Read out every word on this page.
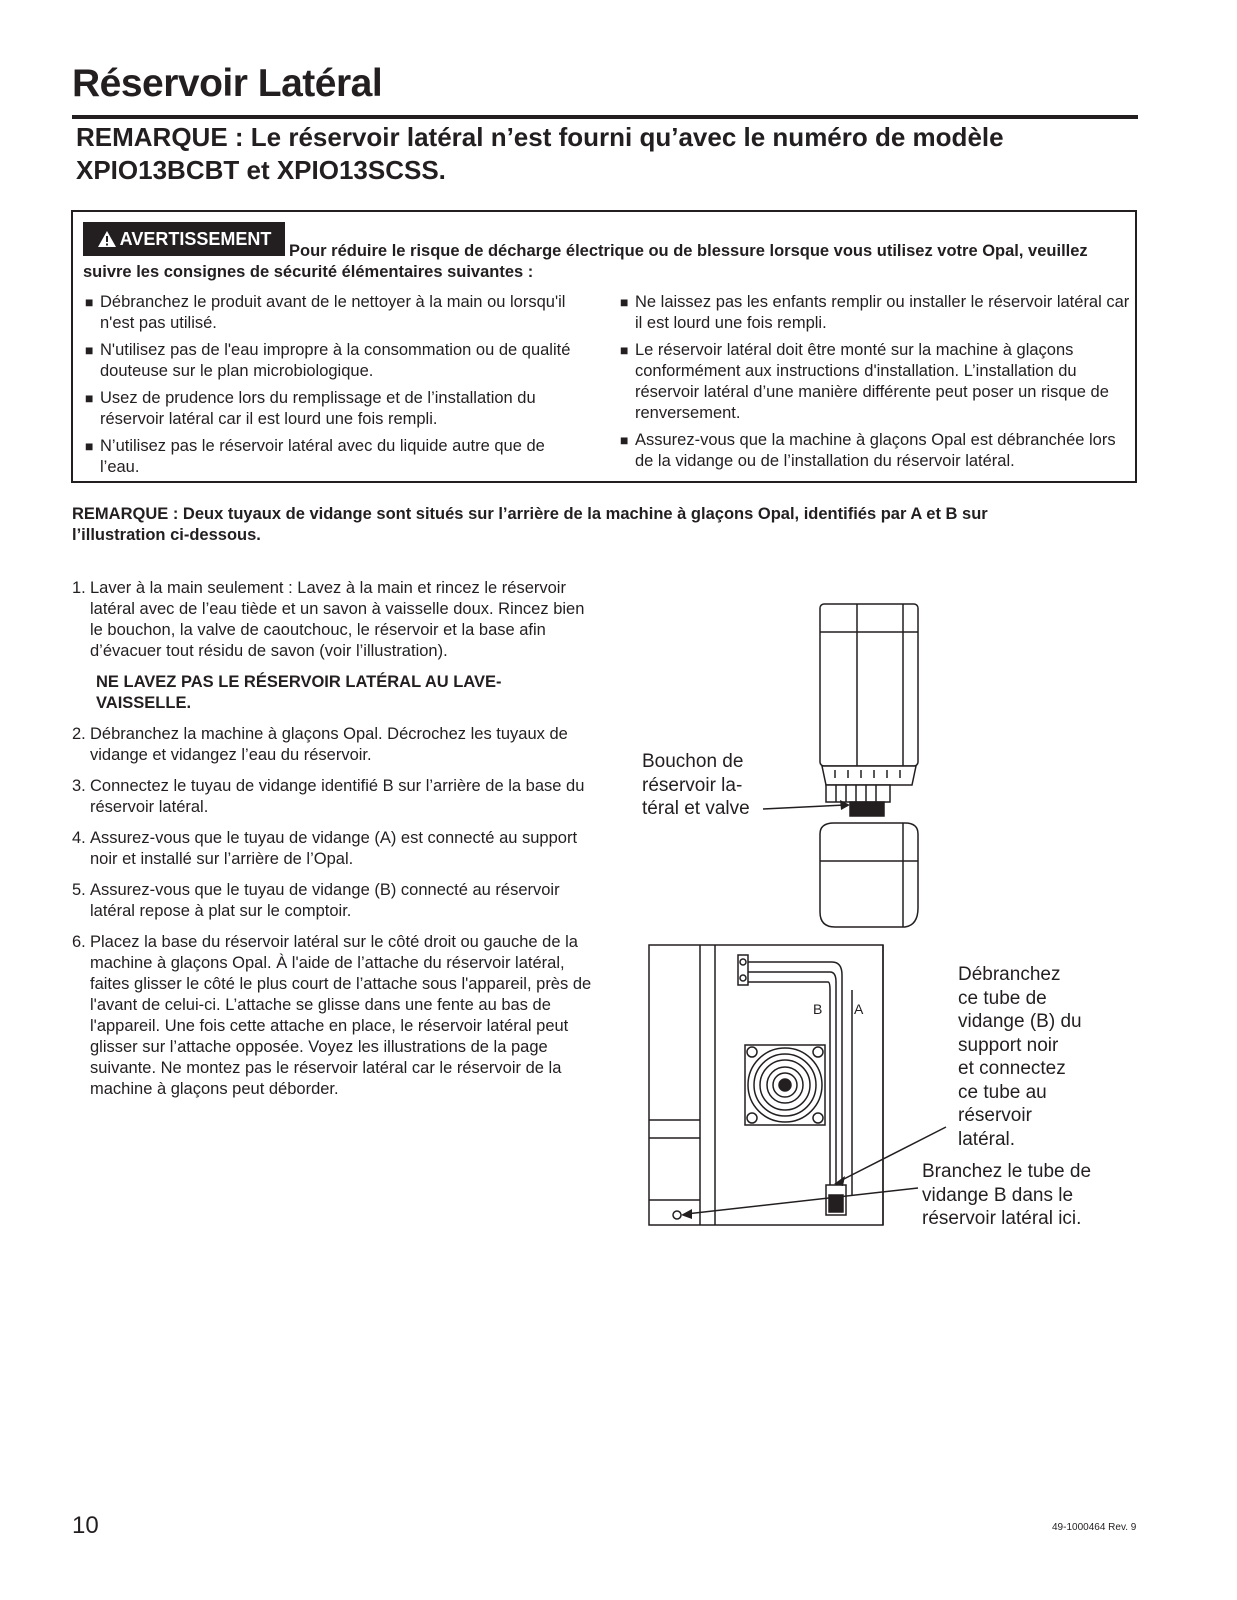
Réservoir Latéral

REMARQUE : Le réservoir latéral n’est fourni qu’avec le numéro de modèle XPIO13BCBT et XPIO13SCSS.

AVERTISSEMENT

Pour réduire le risque de décharge électrique ou de blessure lorsque vous utilisez votre Opal, veuillez suivre les consignes de sécurité élémentaires suivantes :

■ Débranchez le produit avant de le nettoyer à la main ou lorsqu'il n'est pas utilisé.
■ N'utilisez pas de l'eau impropre à la consommation ou de qualité douteuse sur le plan microbiologique.
■ Usez de prudence lors du remplissage et de l’installation du réservoir latéral car il est lourd une fois rempli.
■ N’utilisez pas le réservoir latéral avec du liquide autre que de l’eau.
■ Ne laissez pas les enfants remplir ou installer le réservoir latéral car il est lourd une fois rempli.
■ Le réservoir latéral doit être monté sur la machine à glaçons conformément aux instructions d'installation. L’installation du réservoir latéral d’une manière différente peut poser un risque de renversement.
■ Assurez-vous que la machine à glaçons Opal est débranchée lors de la vidange ou de l’installation du réservoir latéral.

REMARQUE : Deux tuyaux de vidange sont situés sur l’arrière de la machine à glaçons Opal, identifiés par A et B sur l’illustration ci-dessous.

1. Laver à la main seulement : Lavez à la main et rincez le réservoir latéral avec de l’eau tiède et un savon à vaisselle doux. Rincez bien le bouchon, la valve de caoutchouc, le réservoir et la base afin d’évacuer tout résidu de savon (voir l’illustration).
NE LAVEZ PAS LE RÉSERVOIR LATÉRAL AU LAVE-VAISSELLE.
2. Débranchez la machine à glaçons Opal. Décrochez les tuyaux de vidange et vidangez l’eau du réservoir.
3. Connectez le tuyau de vidange identifié B sur l’arrière de la base du réservoir latéral.
4. Assurez-vous que le tuyau de vidange (A) est connecté au support noir et installé sur l’arrière de l’Opal.
5. Assurez-vous que le tuyau de vidange (B) connecté au réservoir latéral repose à plat sur le comptoir.
6. Placez la base du réservoir latéral sur le côté droit ou gauche de la machine à glaçons Opal. À l'aide de l’attache du réservoir latéral, faites glisser le côté le plus court de l’attache sous l'appareil, près de l'avant de celui-ci. L’attache se glisse dans une fente au bas de l'appareil. Une fois cette attache en place, le réservoir latéral peut glisser sur l’attache opposée. Voyez les illustrations de la page suivante. Ne montez pas le réservoir latéral car le réservoir de la machine à glaçons peut déborder.
B A

Bouchon de
réservoir la-
téral et valve

Débranchez
ce tube de
vidange (B) du
support noir
et connectez
ce tube au
réservoir
latéral.

Branchez le tube de
vidange B dans le
réservoir latéral ici.

10	49-1000464 Rev. 9
